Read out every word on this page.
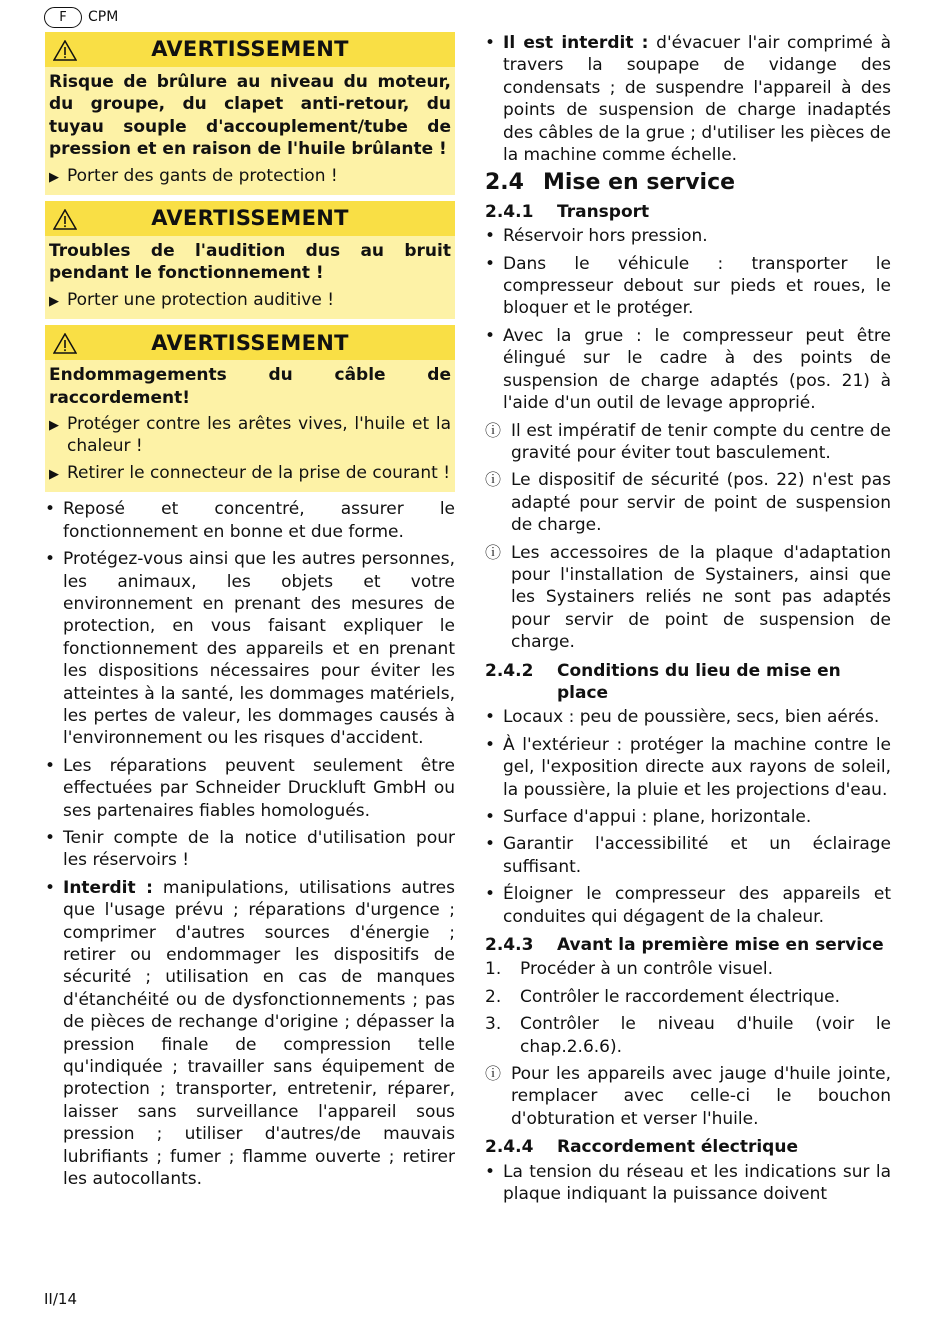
F	CPM
AVERTISSEMENT

Risque de brûlure au niveau du moteur, du groupe, du clapet anti-retour, du tuyau souple d'accouplement/tube de pression et en raison de l'huile brûlante !

▶ Porter des gants de protection !
AVERTISSEMENT

Troubles de l'audition dus au bruit pendant le fonctionnement !

▶ Porter une protection auditive !
AVERTISSEMENT

Endommagements du câble de raccordement!

▶ Protéger contre les arêtes vives, l'huile et la chaleur !
▶ Retirer le connecteur de la prise de courant !
• Reposé et concentré, assurer le fonctionnement en bonne et due forme.
• Protégez-vous ainsi que les autres personnes, les animaux, les objets et votre environnement en prenant des mesures de protection, en vous faisant expliquer le fonctionnement des appareils et en prenant les dispositions nécessaires pour éviter les atteintes à la santé, les dommages matériels, les pertes de valeur, les dommages causés à l'environnement ou les risques d'accident.
• Les réparations peuvent seulement être effectuées par Schneider Druckluft GmbH ou ses partenaires fiables homologués.
• Tenir compte de la notice d'utilisation pour les réservoirs !
• Interdit : manipulations, utilisations autres que l'usage prévu ; réparations d'urgence ; comprimer d'autres sources d'énergie ; retirer ou endommager les dispositifs de sécurité ; utilisation en cas de manques d'étanchéité ou de dysfonctionnements ; pas de pièces de rechange d'origine ; dépasser la pression finale de compression telle qu'indiquée ; travailler sans équipement de protection ; transporter, entretenir, réparer, laisser sans surveillance l'appareil sous pression ; utiliser d'autres/de mauvais lubrifiants ; fumer ; flamme ouverte ; retirer les autocollants.
• Il est interdit : d'évacuer l'air comprimé à travers la soupape de vidange des condensats ; de suspendre l'appareil à des points de suspension de charge inadaptés des câbles de la grue ; d'utiliser les pièces de la machine comme échelle.
2.4 Mise en service
2.4.1	Transport
• Réservoir hors pression.
• Dans le véhicule : transporter le compresseur debout sur pieds et roues, le bloquer et le protéger.
• Avec la grue : le compresseur peut être élingué sur le cadre à des points de suspension de charge adaptés (pos. 21) à l'aide d'un outil de levage approprié.
ⓘ Il est impératif de tenir compte du centre de gravité pour éviter tout basculement.
ⓘ Le dispositif de sécurité (pos. 22) n'est pas adapté pour servir de point de suspension de charge.
ⓘ Les accessoires de la plaque d'adaptation pour l'installation de Systainers, ainsi que les Systainers reliés ne sont pas adaptés pour servir de point de suspension de charge.
2.4.2	Conditions du lieu de mise en place
• Locaux : peu de poussière, secs, bien aérés.
• À l'extérieur : protéger la machine contre le gel, l'exposition directe aux rayons de soleil, la poussière, la pluie et les projections d'eau.
• Surface d'appui : plane, horizontale.
• Garantir l'accessibilité et un éclairage suffisant.
• Éloigner le compresseur des appareils et conduites qui dégagent de la chaleur.
2.4.3	Avant la première mise en service
1.	Procéder à un contrôle visuel.
2.	Contrôler le raccordement électrique.
3.	Contrôler le niveau d'huile (voir le chap.2.6.6).
ⓘ Pour les appareils avec jauge d'huile jointe, remplacer avec celle-ci le bouchon d'obturation et verser l'huile.
2.4.4	Raccordement électrique
• La tension du réseau et les indications sur la plaque indiquant la puissance doivent
II/14
